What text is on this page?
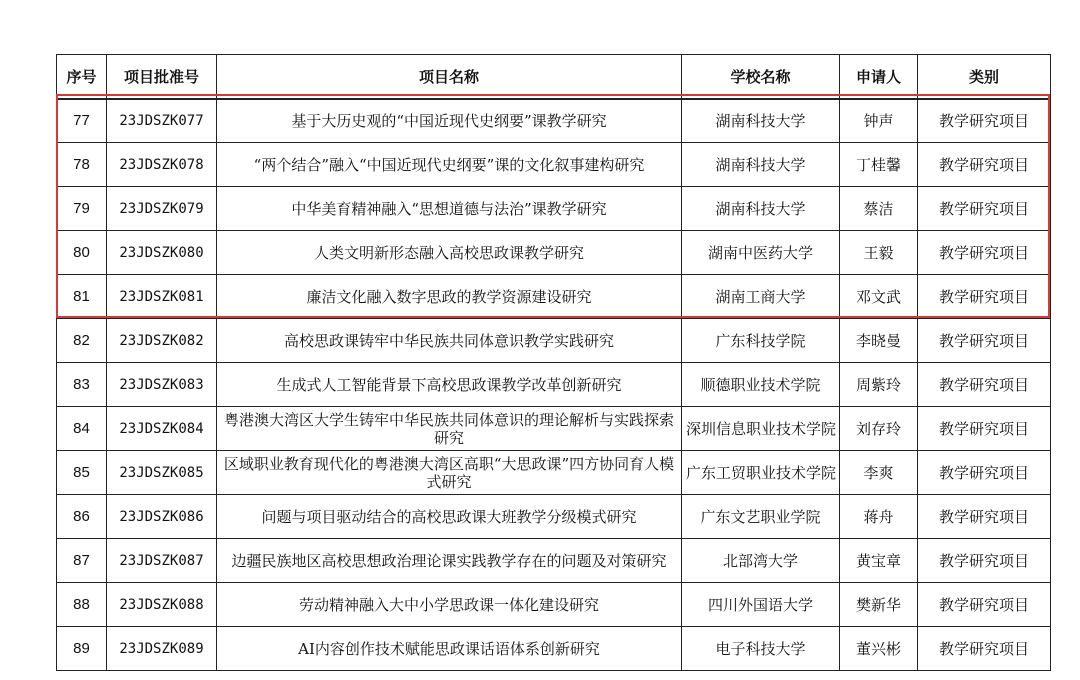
序号	项目批准号	项目名称	学校名称	申请人	类别
77	23JDSZK077	基于大历史观的“中国近现代史纲要”课教学研究	湖南科技大学	钟声	教学研究项目
78	23JDSZK078	“两个结合”融入“中国近现代史纲要”课的文化叙事建构研究	湖南科技大学	丁桂馨	教学研究项目
79	23JDSZK079	中华美育精神融入“思想道德与法治”课教学研究	湖南科技大学	蔡洁	教学研究项目
80	23JDSZK080	人类文明新形态融入高校思政课教学研究	湖南中医药大学	王毅	教学研究项目
81	23JDSZK081	廉洁文化融入数字思政的教学资源建设研究	湖南工商大学	邓文武	教学研究项目
82	23JDSZK082	高校思政课铸牢中华民族共同体意识教学实践研究	广东科技学院	李晓曼	教学研究项目
83	23JDSZK083	生成式人工智能背景下高校思政课教学改革创新研究	顺德职业技术学院	周紫玲	教学研究项目
84	23JDSZK084	粤港澳大湾区大学生铸牢中华民族共同体意识的理论解析与实践探索研究	深圳信息职业技术学院	刘存玲	教学研究项目
85	23JDSZK085	区域职业教育现代化的粤港澳大湾区高职“大思政课”四方协同育人模式研究	广东工贸职业技术学院	李爽	教学研究项目
86	23JDSZK086	问题与项目驱动结合的高校思政课大班教学分级模式研究	广东文艺职业学院	蒋舟	教学研究项目
87	23JDSZK087	边疆民族地区高校思想政治理论课实践教学存在的问题及对策研究	北部湾大学	黄宝章	教学研究项目
88	23JDSZK088	劳动精神融入大中小学思政课一体化建设研究	四川外国语大学	樊新华	教学研究项目
89	23JDSZK089	AI内容创作技术赋能思政课话语体系创新研究	电子科技大学	董兴彬	教学研究项目
